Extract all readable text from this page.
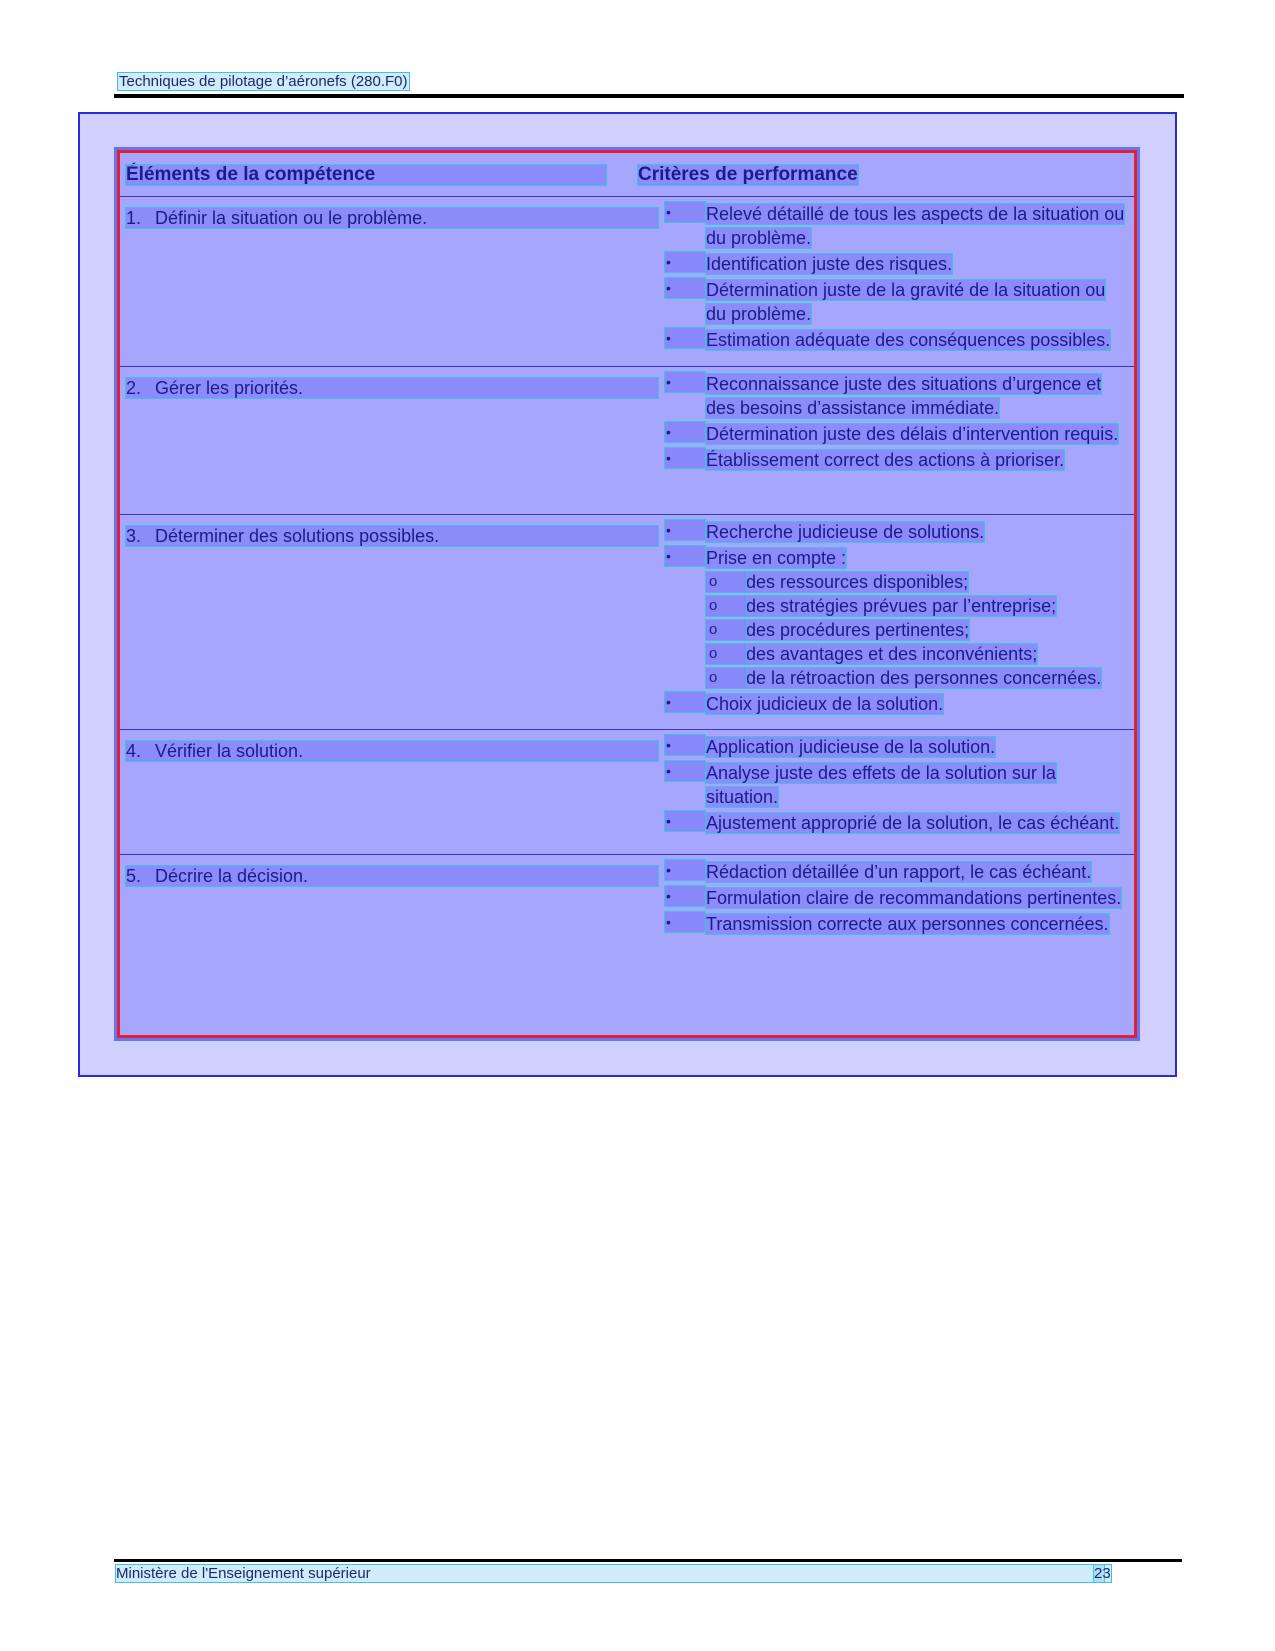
Techniques de pilotage d’aéronefs (280.F0)
Éléments de la compétence	Critères de performance
1. Définir la situation ou le problème.	•	Relevé détaillé de tous les aspects de la situation ou du problème.
•	Identification juste des risques.
•	Détermination juste de la gravité de la situation ou du problème.
•	Estimation adéquate des conséquences possibles.
2. Gérer les priorités.	•	Reconnaissance juste des situations d’urgence et des besoins d’assistance immédiate.
•	Détermination juste des délais d’intervention requis.
•	Établissement correct des actions à prioriser.
3. Déterminer des solutions possibles.	•	Recherche judicieuse de solutions.
•	Prise en compte :
o	des ressources disponibles;
o	des stratégies prévues par l’entreprise;
o	des procédures pertinentes;
o	des avantages et des inconvénients;
o	de la rétroaction des personnes concernées.
•	Choix judicieux de la solution.
4. Vérifier la solution.	•	Application judicieuse de la solution.
•	Analyse juste des effets de la solution sur la situation.
•	Ajustement approprié de la solution, le cas échéant.
5. Décrire la décision.	•	Rédaction détaillée d’un rapport, le cas échéant.
•	Formulation claire de recommandations pertinentes.
•	Transmission correcte aux personnes concernées.
Ministère de l'Enseignement supérieur	23
